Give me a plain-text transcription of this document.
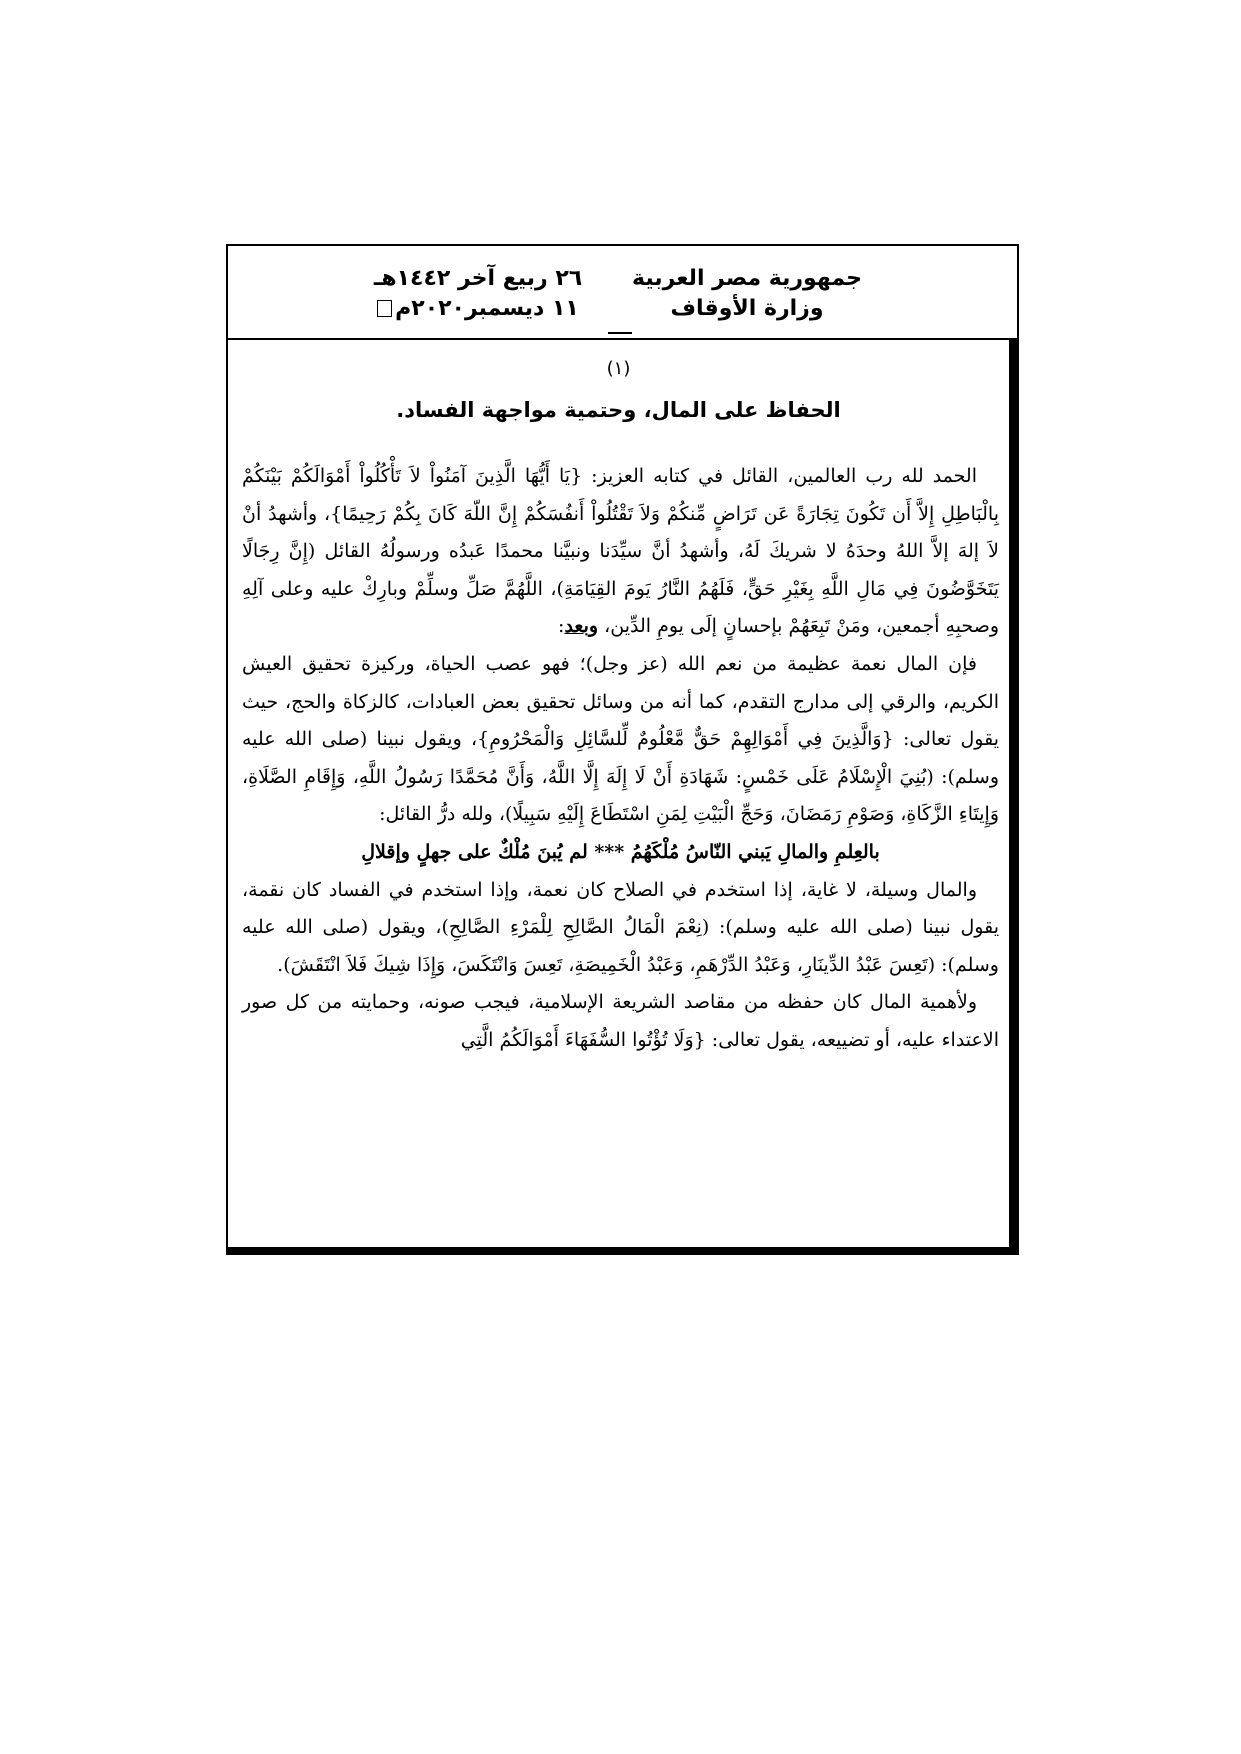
جمهورية مصر العربية
وزارة الأوقاف
٢٦ ربيع آخر ١٤٤٢هـ
١١ ديسمبر٢٠٢٠م
(١)
الحفاظ على المال، وحتمية مواجهة الفساد.

الحمد لله رب العالمين، القائل في كتابه العزيز: {يَا أَيُّهَا الَّذِينَ آمَنُواْ لاَ تَأْكُلُواْ أَمْوَالَكُمْ بَيْنَكُمْ بِالْبَاطِلِ إِلاَّ أَن تَكُونَ تِجَارَةً عَن تَرَاضٍ مِّنكُمْ وَلاَ تَقْتُلُواْ أَنفُسَكُمْ إِنَّ اللّهَ كَانَ بِكُمْ رَحِيمًا}، وأشهدُ أنْ لاَ إلهَ إلاَّ اللهُ وحدَهُ لا شريكَ لَهُ، وأشهدُ أنَّ سيِّدَنا ونبيَّنا محمدًا عَبدُه ورسولُهُ القائل (إِنَّ رِجَالًا يَتَخَوَّضُونَ فِي مَالِ اللَّهِ بِغَيْرِ حَقٍّ، فَلَهُمُ النَّارُ يَومَ القِيَامَةِ)، اللَّهُمَّ صَلِّ وسلِّمْ وبارِكْ عليه وعلى آلِهِ وصحبِهِ أجمعين، ومَنْ تَبِعَهُمْ بإحسانٍ إلَى يومِ الدِّين، وبعد:

فإن المال نعمة عظيمة من نعم الله (عز وجل)؛ فهو عصب الحياة، وركيزة تحقيق العيش الكريم، والرقي إلى مدارج التقدم، كما أنه من وسائل تحقيق بعض العبادات، كالزكاة والحج، حيث يقول تعالى: {وَالَّذِينَ فِي أَمْوَالِهِمْ حَقٌّ مَّعْلُومٌ لِّلسَّائِلِ وَالْمَحْرُومِ}، ويقول نبينا (صلى الله عليه وسلم): (بُنِيَ الْإِسْلَامُ عَلَى خَمْسٍ: شَهَادَةِ أَنْ لَا إِلَهَ إِلَّا اللَّهُ، وَأَنَّ مُحَمَّدًا رَسُولُ اللَّهِ، وَإِقَامِ الصَّلَاةِ، وَإِيتَاءِ الزَّكَاةِ، وَصَوْمِ رَمَضَانَ، وَحَجِّ الْبَيْتِ لِمَنِ اسْتَطَاعَ إِلَيْهِ سَبِيلًا)، ولله درُّ القائل:

بالعِلمِ والمالِ يَبني النّاسُ مُلْكَهُمُ *** لم يُبنَ مُلْكٌ على جهلٍ وإقلالِ

والمال وسيلة، لا غاية، إذا استخدم في الصلاح كان نعمة، وإذا استخدم في الفساد كان نقمة، يقول نبينا (صلى الله عليه وسلم): (نِعْمَ الْمَالُ الصَّالِحِ لِلْمَرْءِ الصَّالِحِ)، ويقول (صلى الله عليه وسلم): (تَعِسَ عَبْدُ الدِّينَارِ، وَعَبْدُ الدِّرْهَمِ، وَعَبْدُ الْخَمِيصَةِ، تَعِسَ وَانْتَكَسَ، وَإِذَا شِيكَ فَلاَ انْتَقَشَ).

ولأهمية المال كان حفظه من مقاصد الشريعة الإسلامية، فيجب صونه، وحمايته من كل صور الاعتداء عليه، أو تضييعه، يقول تعالى: {وَلَا تُؤْتُوا السُّفَهَاءَ أَمْوَالَكُمُ الَّتِي
